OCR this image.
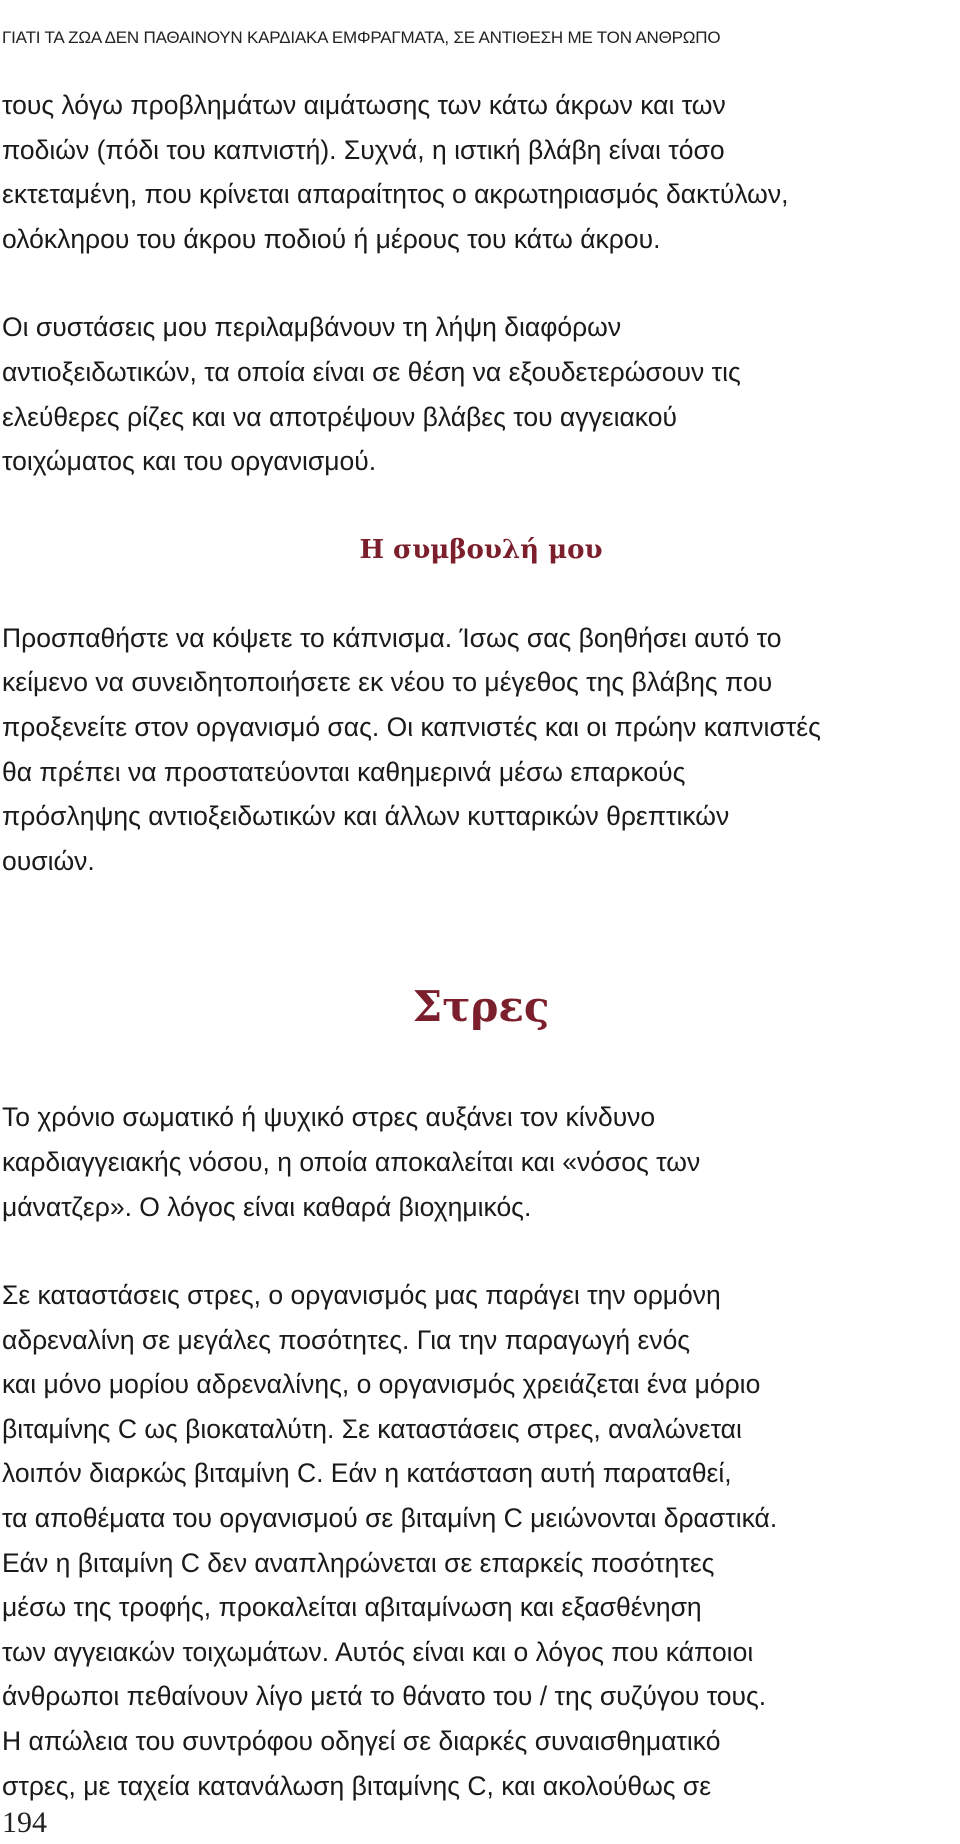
ΓΙΑΤΙ ΤΑ ΖΩΑ ΔΕΝ ΠΑΘΑΙΝΟΥΝ ΚΑΡΔΙΑΚΑ ΕΜΦΡΑΓΜΑΤΑ, ΣΕ ΑΝΤΙΘΕΣΗ ΜΕ ΤΟΝ ΑΝΘΡΩΠΟ

τους λόγω προβλημάτων αιμάτωσης των κάτω άκρων και των
ποδιών (πόδι του καπνιστή). Συχνά, η ιστική βλάβη είναι τόσο
εκτεταμένη, που κρίνεται απαραίτητος ο ακρωτηριασμός δακτύλων,
ολόκληρου του άκρου ποδιού ή μέρους του κάτω άκρου.

Οι συστάσεις μου περιλαμβάνουν τη λήψη διαφόρων
αντιοξειδωτικών, τα οποία είναι σε θέση να εξουδετερώσουν τις
ελεύθερες ρίζες και να αποτρέψουν βλάβες του αγγειακού
τοιχώματος και του οργανισμού.

Η συμβουλή μου

Προσπαθήστε να κόψετε το κάπνισμα. Ίσως σας βοηθήσει αυτό το
κείμενο να συνειδητοποιήσετε εκ νέου το μέγεθος της βλάβης που
προξενείτε στον οργανισμό σας. Οι καπνιστές και οι πρώην καπνιστές
θα πρέπει να προστατεύονται καθημερινά μέσω επαρκούς
πρόσληψης αντιοξειδωτικών και άλλων κυτταρικών θρεπτικών
ουσιών.

Στρες

Το χρόνιο σωματικό ή ψυχικό στρες αυξάνει τον κίνδυνο
καρδιαγγειακής νόσου, η οποία αποκαλείται και «νόσος των
μάνατζερ». Ο λόγος είναι καθαρά βιοχημικός.

Σε καταστάσεις στρες, ο οργανισμός μας παράγει την ορμόνη
αδρεναλίνη σε μεγάλες ποσότητες. Για την παραγωγή ενός
και μόνο μορίου αδρεναλίνης, ο οργανισμός χρειάζεται ένα μόριο
βιταμίνης C ως βιοκαταλύτη. Σε καταστάσεις στρες, αναλώνεται
λοιπόν διαρκώς βιταμίνη C. Εάν η κατάσταση αυτή παραταθεί,
τα αποθέματα του οργανισμού σε βιταμίνη C μειώνονται δραστικά.
Εάν η βιταμίνη C δεν αναπληρώνεται σε επαρκείς ποσότητες
μέσω της τροφής, προκαλείται αβιταμίνωση και εξασθένηση
των αγγειακών τοιχωμάτων. Αυτός είναι και ο λόγος που κάποιοι
άνθρωποι πεθαίνουν λίγο μετά το θάνατο του / της συζύγου τους.
Η απώλεια του συντρόφου οδηγεί σε διαρκές συναισθηματικό
στρες, με ταχεία κατανάλωση βιταμίνης C, και ακολούθως σε

194
